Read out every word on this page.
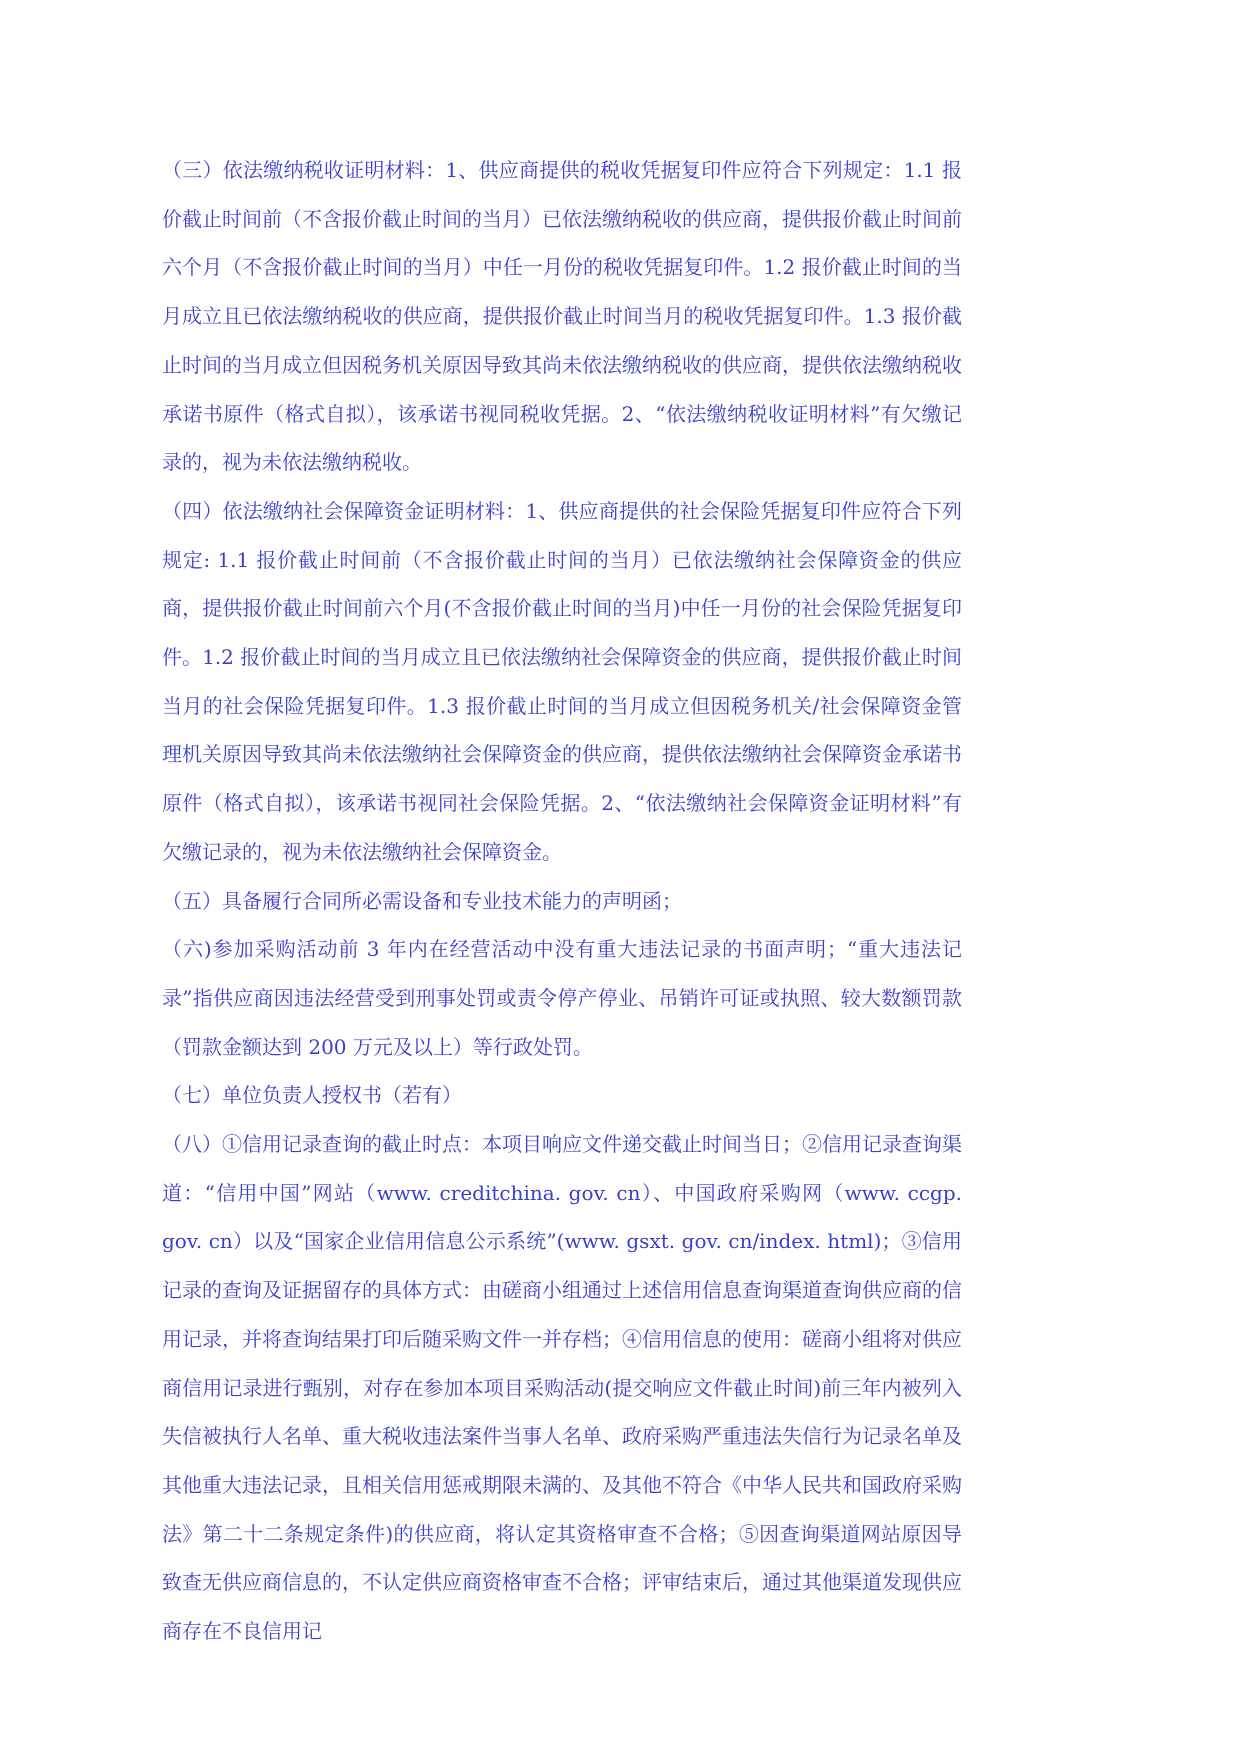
（三）依法缴纳税收证明材料：1、供应商提供的税收凭据复印件应符合下列规定：1.1 报价截止时间前（不含报价截止时间的当月）已依法缴纳税收的供应商，提供报价截止时间前六个月（不含报价截止时间的当月）中任一月份的税收凭据复印件。1.2 报价截止时间的当月成立且已依法缴纳税收的供应商，提供报价截止时间当月的税收凭据复印件。1.3 报价截止时间的当月成立但因税务机关原因导致其尚未依法缴纳税收的供应商，提供依法缴纳税收承诺书原件（格式自拟），该承诺书视同税收凭据。2、“依法缴纳税收证明材料”有欠缴记录的，视为未依法缴纳税收。

（四）依法缴纳社会保障资金证明材料：1、供应商提供的社会保险凭据复印件应符合下列规定: 1.1 报价截止时间前（不含报价截止时间的当月）已依法缴纳社会保障资金的供应商，提供报价截止时间前六个月(不含报价截止时间的当月)中任一月份的社会保险凭据复印件。1.2 报价截止时间的当月成立且已依法缴纳社会保障资金的供应商，提供报价截止时间当月的社会保险凭据复印件。1.3 报价截止时间的当月成立但因税务机关/社会保障资金管理机关原因导致其尚未依法缴纳社会保障资金的供应商，提供依法缴纳社会保障资金承诺书原件（格式自拟），该承诺书视同社会保险凭据。2、“依法缴纳社会保障资金证明材料”有欠缴记录的，视为未依法缴纳社会保障资金。

（五）具备履行合同所必需设备和专业技术能力的声明函；

（六)参加采购活动前 3 年内在经营活动中没有重大违法记录的书面声明；“重大违法记录”指供应商因违法经营受到刑事处罚或责令停产停业、吊销许可证或执照、较大数额罚款（罚款金额达到 200 万元及以上）等行政处罚。

（七）单位负责人授权书（若有）

（八）①信用记录查询的截止时点：本项目响应文件递交截止时间当日；②信用记录查询渠道：“信用中国”网站（www. creditchina. gov. cn）、中国政府采购网（www. ccgp. gov. cn）以及“国家企业信用信息公示系统”(www. gsxt. gov. cn/index. html)；③信用记录的查询及证据留存的具体方式：由磋商小组通过上述信用信息查询渠道查询供应商的信用记录，并将查询结果打印后随采购文件一并存档；④信用信息的使用：磋商小组将对供应商信用记录进行甄别，对存在参加本项目采购活动(提交响应文件截止时间)前三年内被列入失信被执行人名单、重大税收违法案件当事人名单、政府采购严重违法失信行为记录名单及其他重大违法记录，且相关信用惩戒期限未满的、及其他不符合《中华人民共和国政府采购法》第二十二条规定条件)的供应商，将认定其资格审查不合格；⑤因查询渠道网站原因导致查无供应商信息的，不认定供应商资格审查不合格；评审结束后，通过其他渠道发现供应商存在不良信用记
